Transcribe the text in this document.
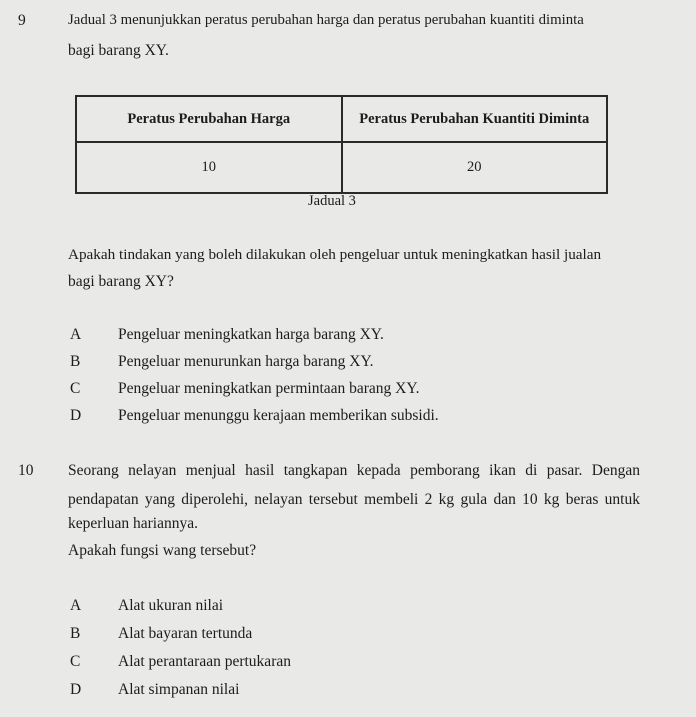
9	Jadual 3 menunjukkan peratus perubahan harga dan peratus perubahan kuantiti diminta
bagi barang XY.
Peratus Perubahan Harga	Peratus Perubahan Kuantiti Diminta
10	20
Jadual 3
Apakah tindakan yang boleh dilakukan oleh pengeluar untuk meningkatkan hasil jualan
bagi barang XY?
A Pengeluar meningkatkan harga barang XY.
B Pengeluar menurunkan harga barang XY.
C Pengeluar meningkatkan permintaan barang XY.
D Pengeluar menunggu kerajaan memberikan subsidi.
10 Seorang nelayan menjual hasil tangkapan kepada pemborang ikan di pasar. Dengan
pendapatan yang diperolehi, nelayan tersebut membeli 2 kg gula dan 10 kg beras untuk
keperluan hariannya.
Apakah fungsi wang tersebut?
A Alat ukuran nilai
B Alat bayaran tertunda
C Alat perantaraan pertukaran
D Alat simpanan nilai
